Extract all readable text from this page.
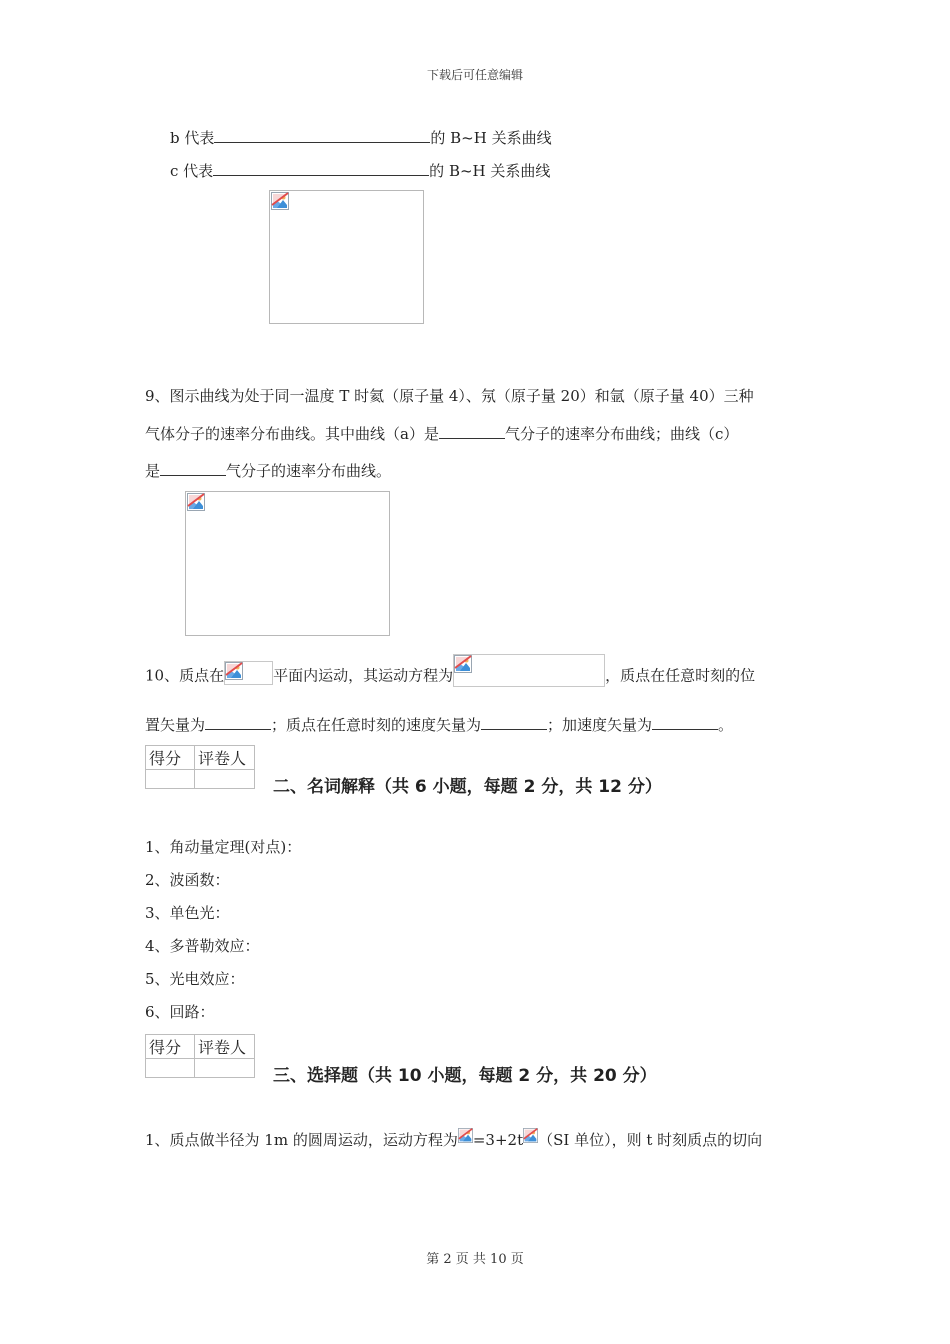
下载后可任意编辑
b 代表	的 B~H 关系曲线
c 代表	的 B~H 关系曲线
9、图示曲线为处于同一温度 T 时氦（原子量 4）、氖（原子量 20）和氩（原子量 40）三种
气体分子的速率分布曲线。其中曲线（a）是	气分子的速率分布曲线；曲线（c）
是	气分子的速率分布曲线。
10、质点在	平面内运动，其运动方程为	，质点在任意时刻的位
置矢量为	；质点在任意时刻的速度矢量为	；加速度矢量为	。
得分	评卷人

二、名词解释（共 6 小题，每题 2 分，共 12 分）
1、角动量定理(对点)：
2、波函数：
3、单色光：
4、多普勒效应：
5、光电效应：
6、回路：
得分	评卷人

三、选择题（共 10 小题，每题 2 分，共 20 分）
1、质点做半径为 1m 的圆周运动，运动方程为 =3+2t （SI 单位），则 t 时刻质点的切向
第 2 页 共 10 页
